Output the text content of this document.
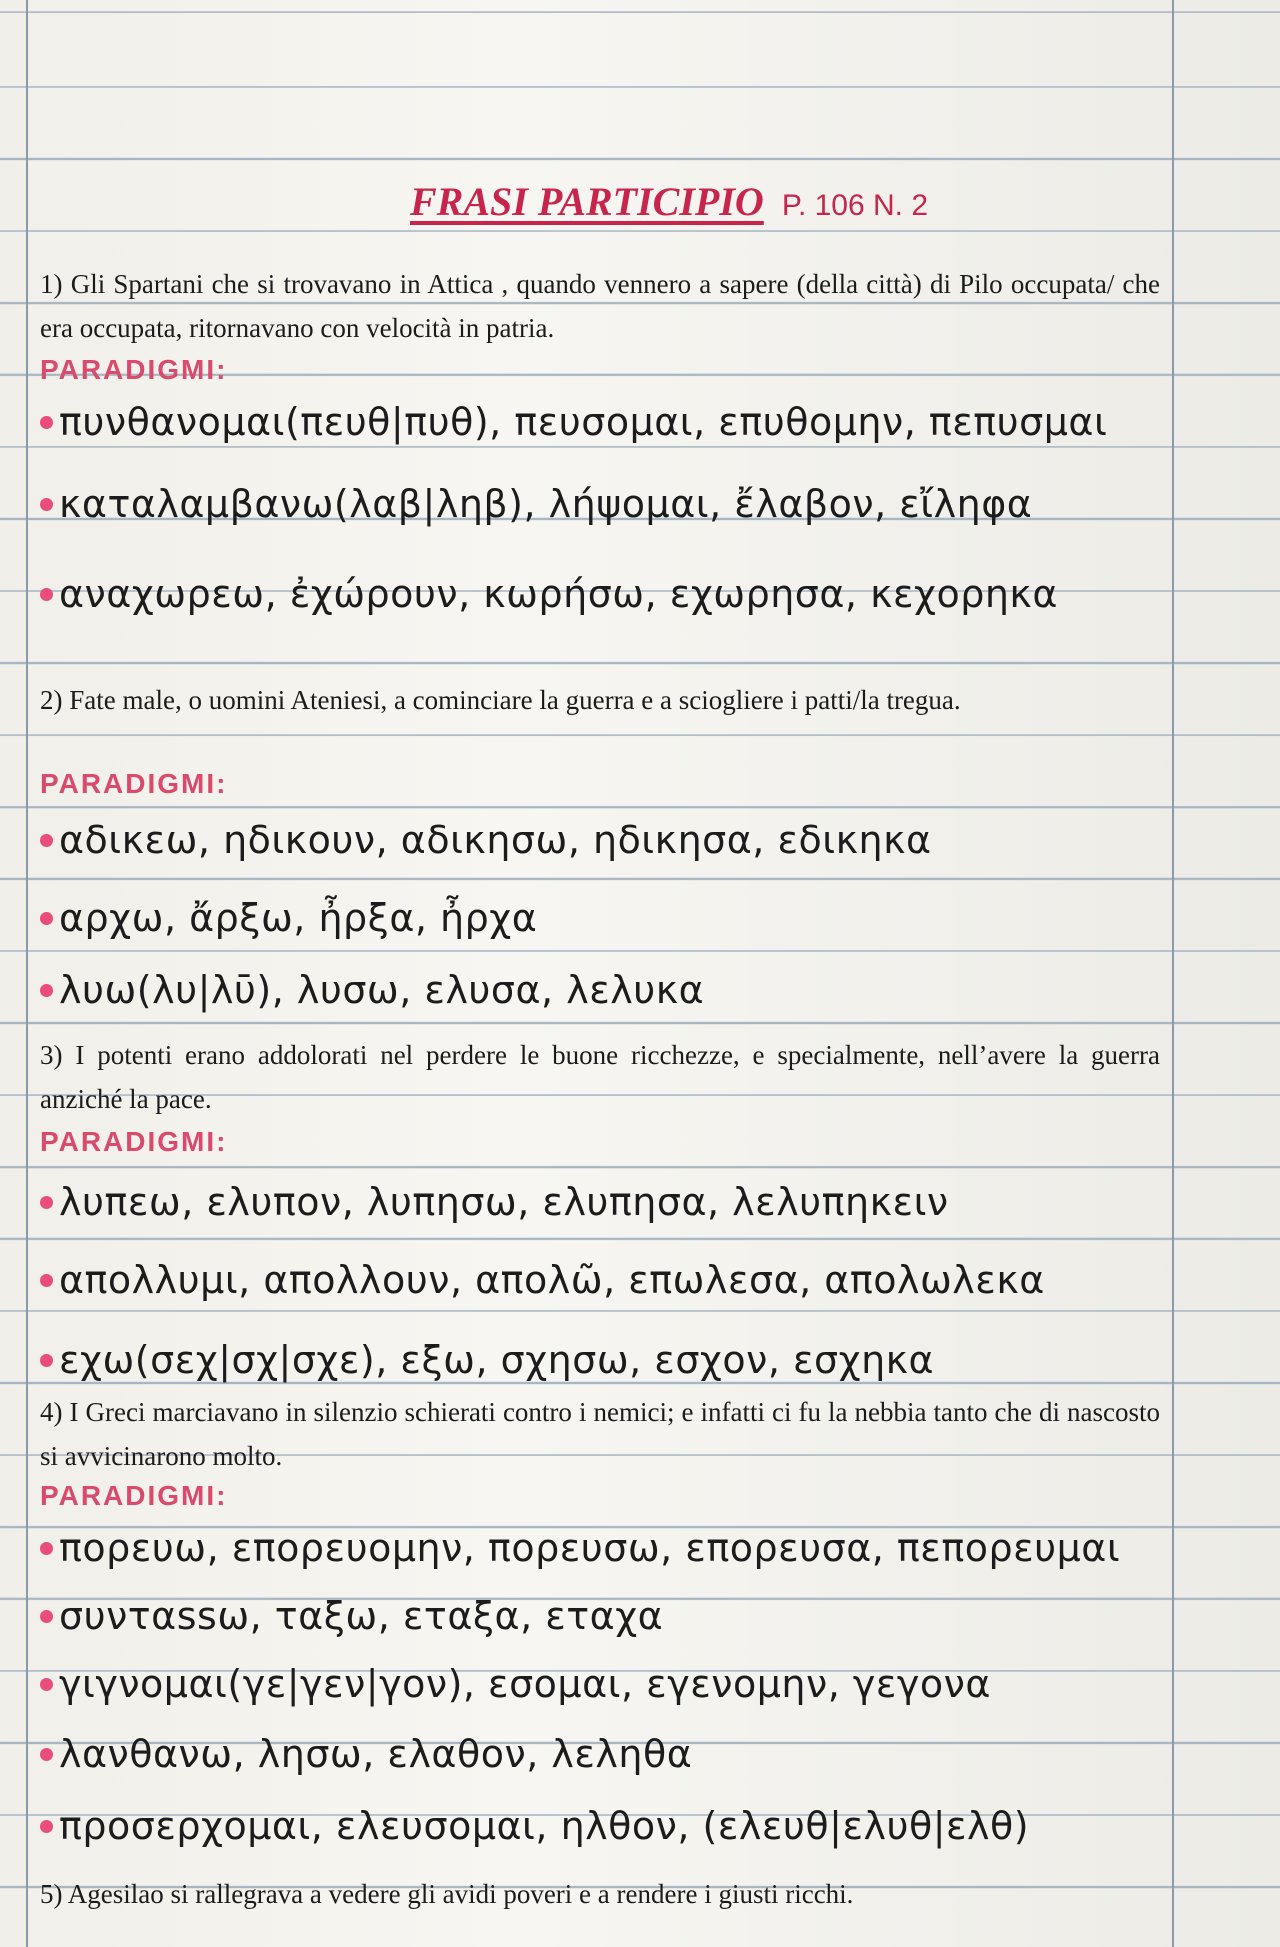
FRASI PARTICIPIO P. 106 N. 2
1) Gli Spartani che si trovavano in Attica , quando vennero a sapere (della città) di Pilo occupata/ che era occupata, ritornavano con velocità in patria.
PARADIGMI:
πυνθανομαι(πευθ|πυθ), πευσομαι, επυθομην, πεπυσμαι
καταλαμβανω(λαβ|ληβ), λήψομαι, ἔλαβον, εἴληφα
αναχωρεω, ἐχώρουν, κωρήσω, εχωρησα, κεχορηκα
2) Fate male, o uomini Ateniesi, a cominciare la guerra e a sciogliere i patti/la tregua.
PARADIGMI:
αδικεω, ηδικουν, αδικησω, ηδικησα, εδικηκα
αρχω, ἄρξω, ἦρξα, ἦρχα
λυω(λυ|λῡ), λυσω, ελυσα, λελυκα
3) I potenti erano addolorati nel perdere le buone ricchezze, e specialmente, nell’avere la guerra anziché la pace.
PARADIGMI:
λυπεω, ελυπον, λυπησω, ελυπησα, λελυπηκειν
απολλυμι, απολλουν, απολῶ, επωλεσα, απολωλεκα
εχω(σεχ|σχ|σχε), εξω, σχησω, εσχον, εσχηκα
4) I Greci marciavano in silenzio schierati contro i nemici; e infatti ci fu la nebbia tanto che di nascosto si avvicinarono molto.
PARADIGMI:
πορευω, επορευομην, πορευσω, επορευσα, πεπορευμαι
συνταssω, ταξω, εταξα, εταχα
γιγνομαι(γε|γεν|γον), εσομαι, εγενομην, γεγονα
λανθανω, λησω, ελαθον, λεληθα
προσερχομαι, ελευσομαι, ηλθον, (ελευθ|ελυθ|ελθ)
5) Agesilao si rallegrava a vedere gli avidi poveri e a rendere i giusti ricchi.
